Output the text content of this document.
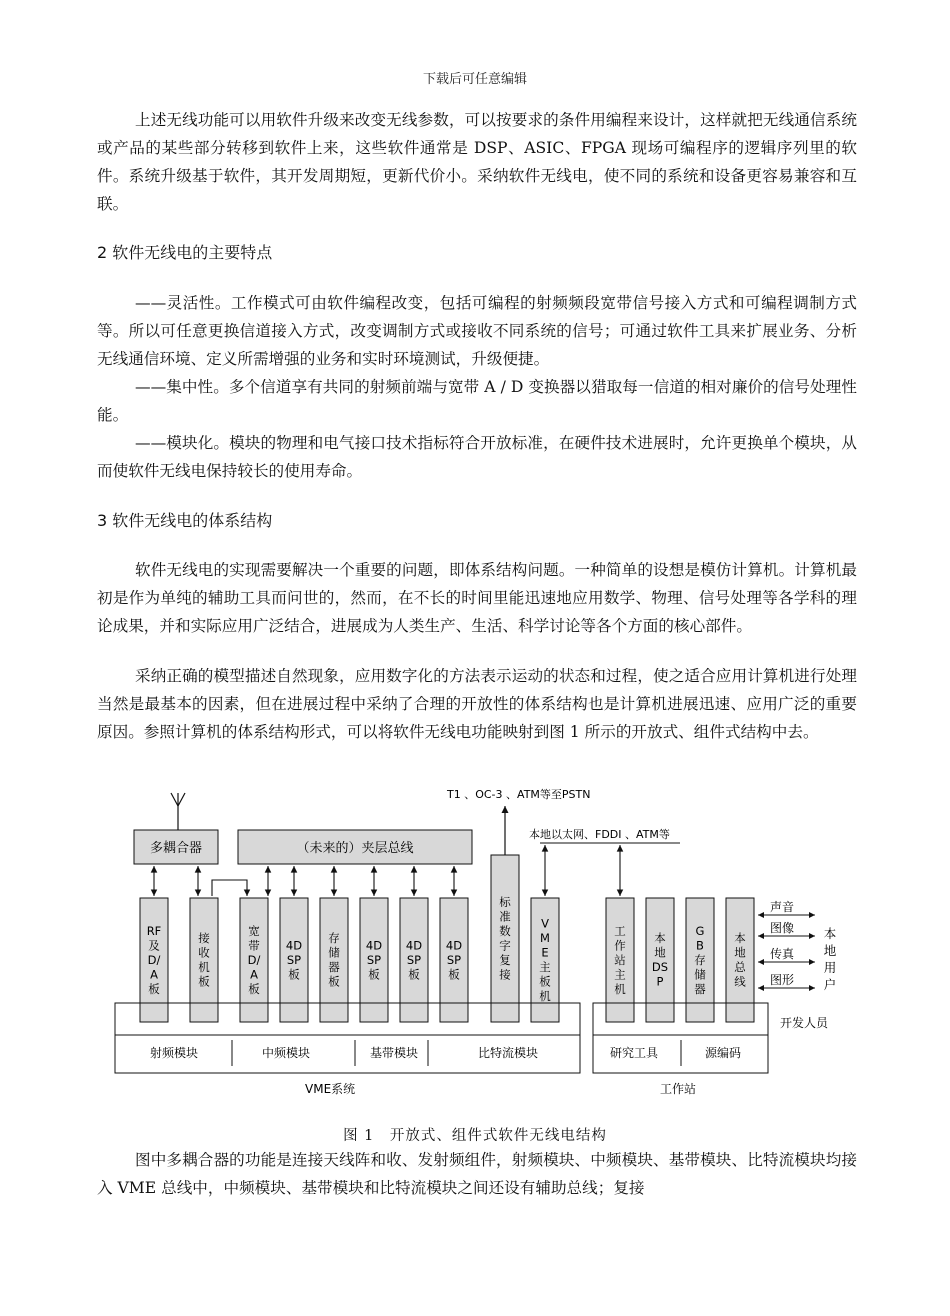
下载后可任意编辑

上述无线功能可以用软件升级来改变无线参数，可以按要求的条件用编程来设计，这样就把无线通信系统或产品的某些部分转移到软件上来，这些软件通常是 DSP、ASIC、FPGA 现场可编程序的逻辑序列里的软件。系统升级基于软件，其开发周期短，更新代价小。采纳软件无线电，使不同的系统和设备更容易兼容和互联。

2 软件无线电的主要特点

——灵活性。工作模式可由软件编程改变，包括可编程的射频频段宽带信号接入方式和可编程调制方式等。所以可任意更换信道接入方式，改变调制方式或接收不同系统的信号；可通过软件工具来扩展业务、分析无线通信环境、定义所需增强的业务和实时环境测试，升级便捷。

——集中性。多个信道享有共同的射频前端与宽带 A / D 变换器以猎取每一信道的相对廉价的信号处理性能。

——模块化。模块的物理和电气接口技术指标符合开放标准，在硬件技术进展时，允许更换单个模块，从而使软件无线电保持较长的使用寿命。

3 软件无线电的体系结构

软件无线电的实现需要解决一个重要的问题，即体系结构问题。一种简单的设想是模仿计算机。计算机最初是作为单纯的辅助工具而问世的，然而，在不长的时间里能迅速地应用数学、物理、信号处理等各学科的理论成果，并和实际应用广泛结合，进展成为人类生产、生活、科学讨论等各个方面的核心部件。

采纳正确的模型描述自然现象，应用数字化的方法表示运动的状态和过程，使之适合应用计算机进行处理当然是最基本的因素，但在进展过程中采纳了合理的开放性的体系结构也是计算机进展迅速、应用广泛的重要原因。参照计算机的体系结构形式，可以将软件无线电功能映射到图 1 所示的开放式、组件式结构中去。

T1 、OC-3 、ATM等至PSTN
本地以太网、FDDI 、ATM等
多耦合器	（未来的）夹层总线
RF
及
D/
A
板
接
收
机
板
宽
带
D/
A
板
4D
SP
板
存
储
器
板
4D
SP
板
4D
SP
板
4D
SP
板
标
准
数
字
复
接
V
M
E
主
板
机
工
作
站
主
机
本
地
DS
P
G
B
存
储
器
本
地
总
线
射频模块	中频模块	基带模块	比特流模块
VME系统
研究工具	源编码
工作站
声音
图像
传真
图形
本
地
用
户
开发人员
图 1　开放式、组件式软件无线电结构

图中多耦合器的功能是连接天线阵和收、发射频组件，射频模块、中频模块、基带模块、比特流模块均接入 VME 总线中，中频模块、基带模块和比特流模块之间还设有辅助总线；复接
